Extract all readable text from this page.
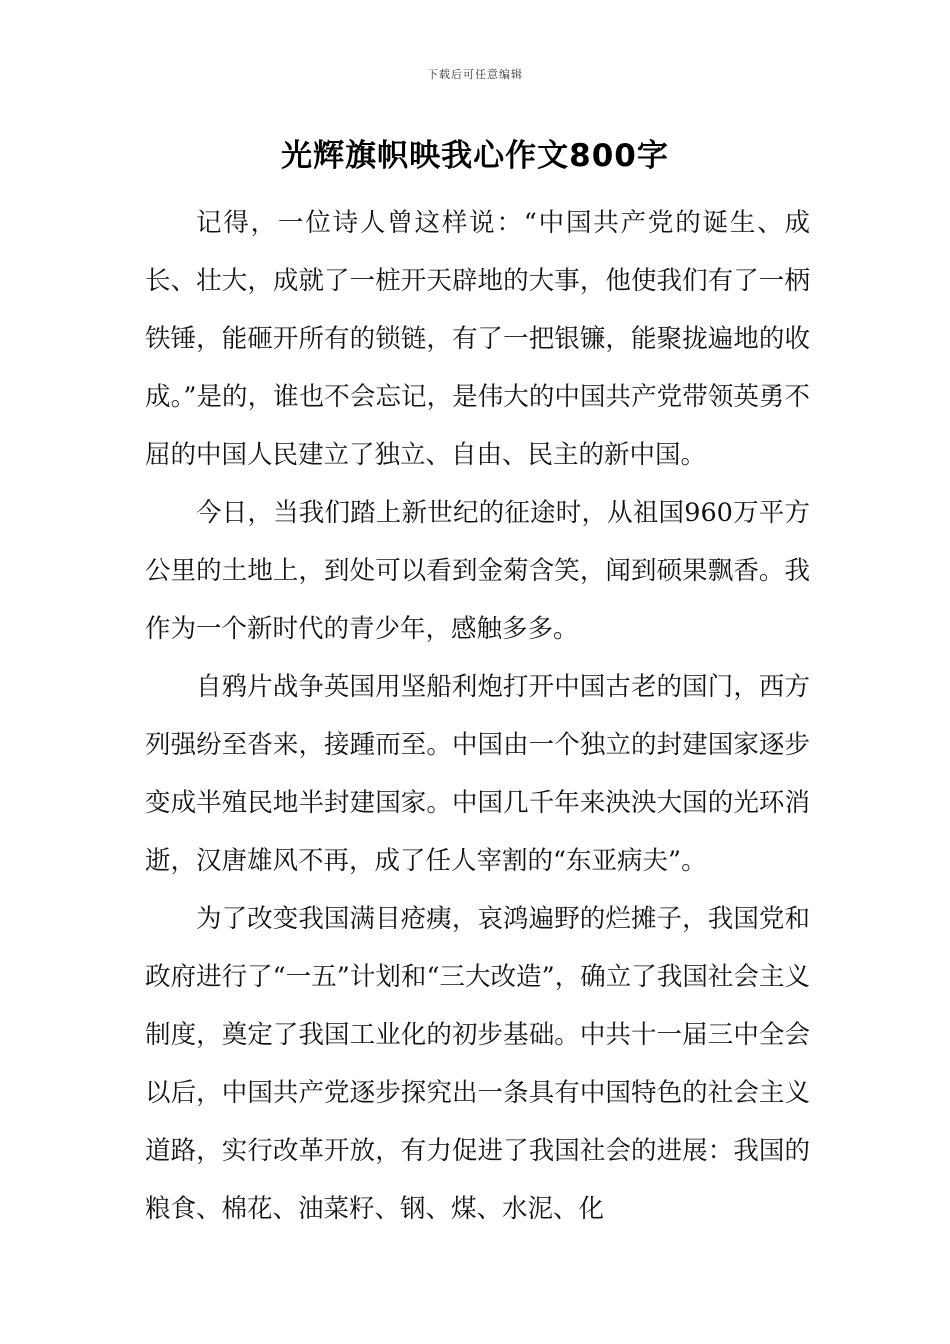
下载后可任意编辑
光辉旗帜映我心作文800字

记得，一位诗人曾这样说：“中国共产党的诞生、成长、壮大，成就了一桩开天辟地的大事，他使我们有了一柄铁锤，能砸开所有的锁链，有了一把银镰，能聚拢遍地的收成。”是的，谁也不会忘记，是伟大的中国共产党带领英勇不屈的中国人民建立了独立、自由、民主的新中国。

今日，当我们踏上新世纪的征途时，从祖国960万平方公里的土地上，到处可以看到金菊含笑，闻到硕果飘香。我作为一个新时代的青少年，感触多多。

自鸦片战争英国用坚船利炮打开中国古老的国门，西方列强纷至沓来，接踵而至。中国由一个独立的封建国家逐步变成半殖民地半封建国家。中国几千年来泱泱大国的光环消逝，汉唐雄风不再，成了任人宰割的“东亚病夫”。

为了改变我国满目疮痍，哀鸿遍野的烂摊子，我国党和政府进行了“一五”计划和“三大改造”，确立了我国社会主义制度，奠定了我国工业化的初步基础。中共十一届三中全会以后，中国共产党逐步探究出一条具有中国特色的社会主义道路，实行改革开放，有力促进了我国社会的进展：我国的粮食、棉花、油菜籽、钢、煤、水泥、化
